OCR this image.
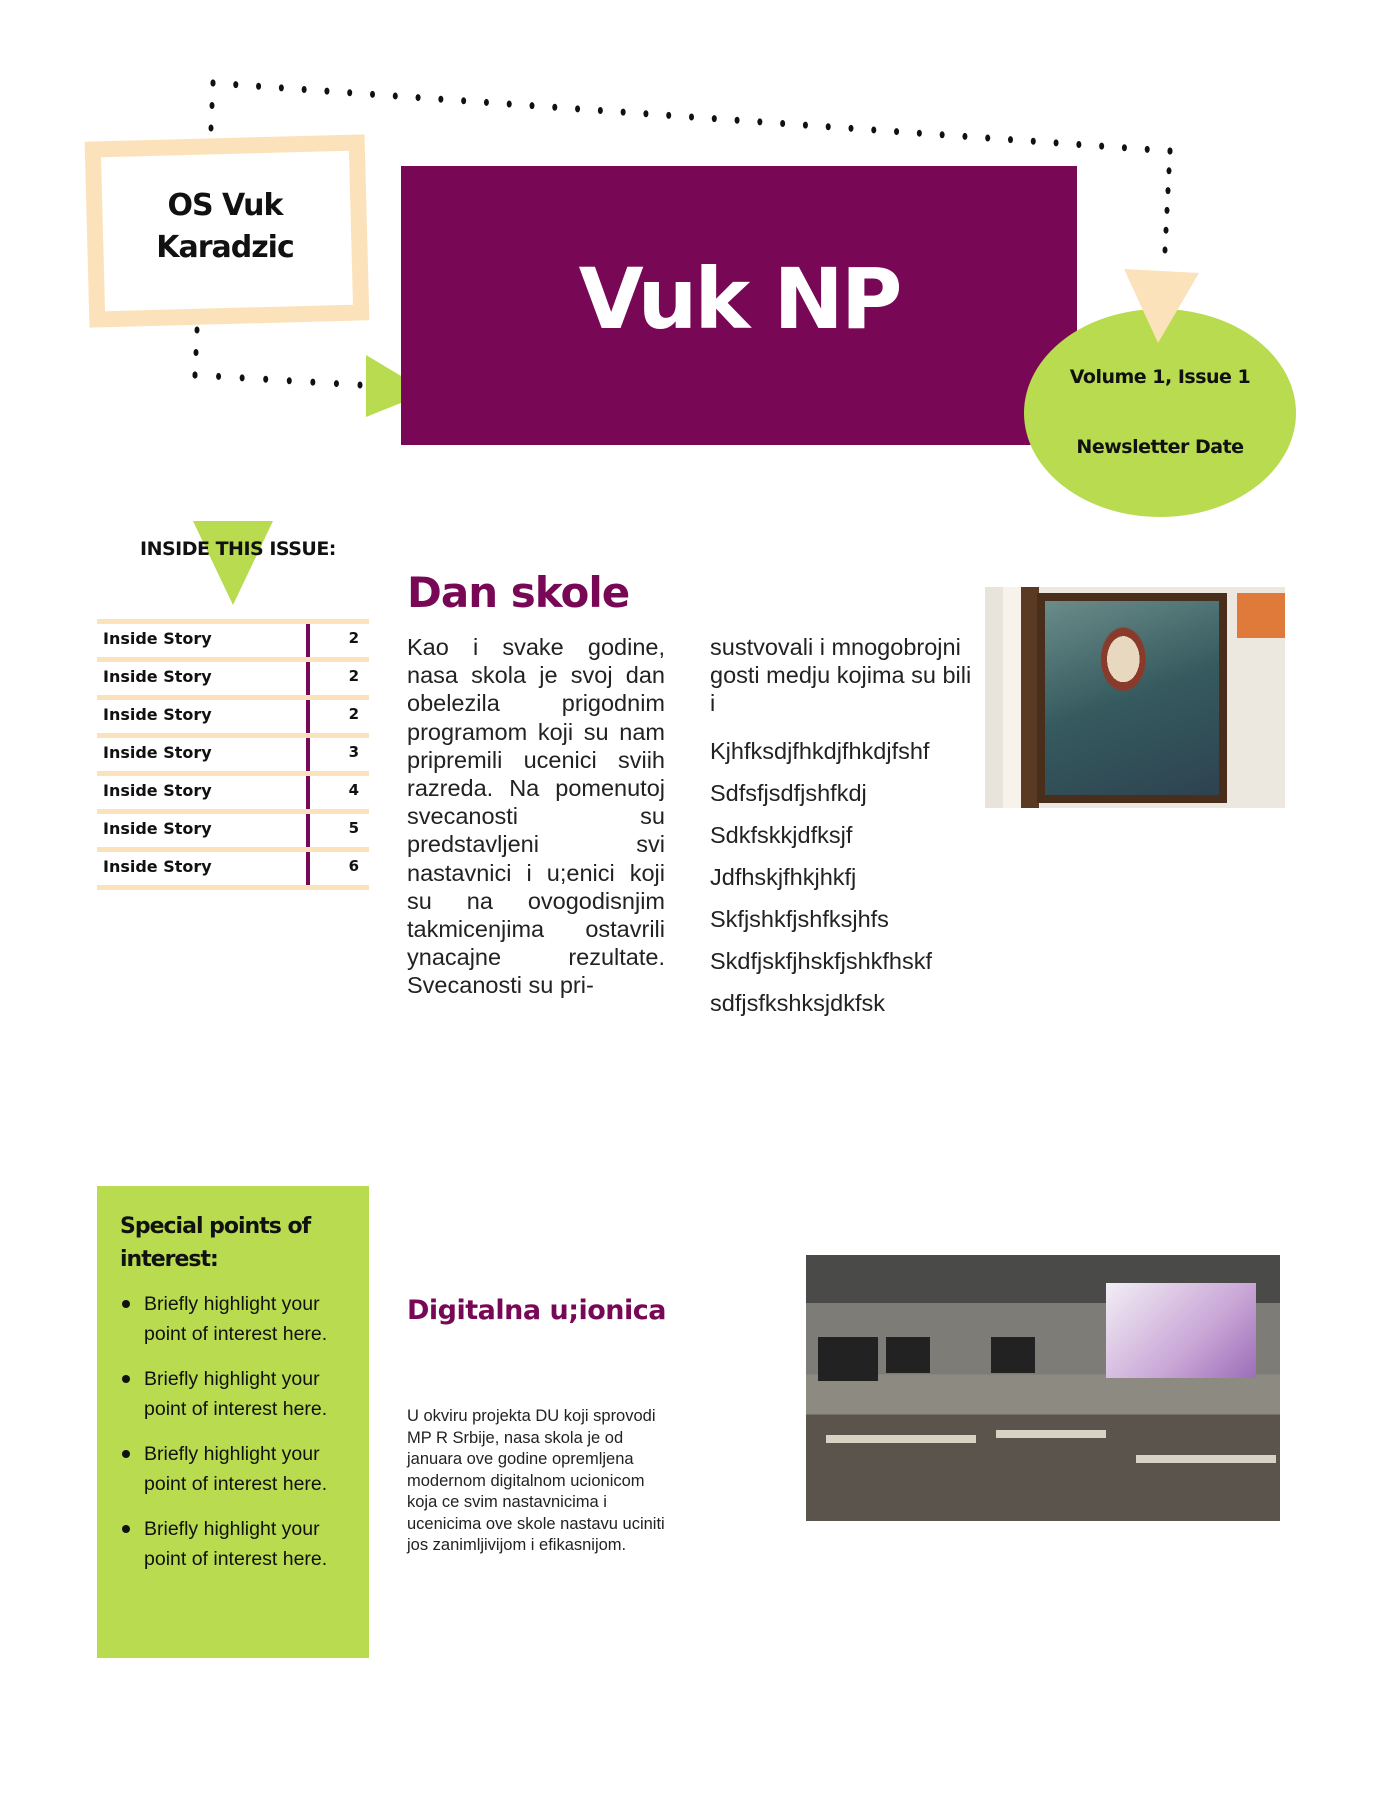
OS Vuk Karadzic
Vuk NP
Volume 1, Issue 1
Newsletter Date
INSIDE THIS ISSUE:
Inside Story	2
Inside Story	2
Inside Story	2
Inside Story	3
Inside Story	4
Inside Story	5
Inside Story	6
Dan skole
Kao i svake godine, nasa skola je svoj dan obelezila prigodnim programom koji su nam pripremili ucenici sviih razreda. Na pomenutoj svecanosti su predstavljeni svi nastavnici i u;enici koji su na ovogodisnjim takmicenjima ostavrili ynacajne rezultate. Svecanosti su pri-
sustvovali i mnogobrojni gosti medju kojima su bili i
Kjhfksdjfhkdjfhkdjfshf
Sdfsfjsdfjshfkdj
Sdkfskkjdfksjf
Jdfhskjfhkjhkfj
Skfjshkfjshfksjhfs
Skdfjskfjhskfjshkfhskf
sdfjsfkshksjdkfsk
Special points of interest:
Briefly highlight your point of interest here.
Briefly highlight your point of interest here.
Briefly highlight your point of interest here.
Briefly highlight your point of interest here.
Digitalna u;ionica
U okviru projekta DU koji sprovodi MP R Srbije, nasa skola je od januara ove godine opremljena modernom digitalnom ucionicom koja ce svim nastavnicima i ucenicima ove skole nastavu uciniti jos zanimljivijom i efikasnijom.
